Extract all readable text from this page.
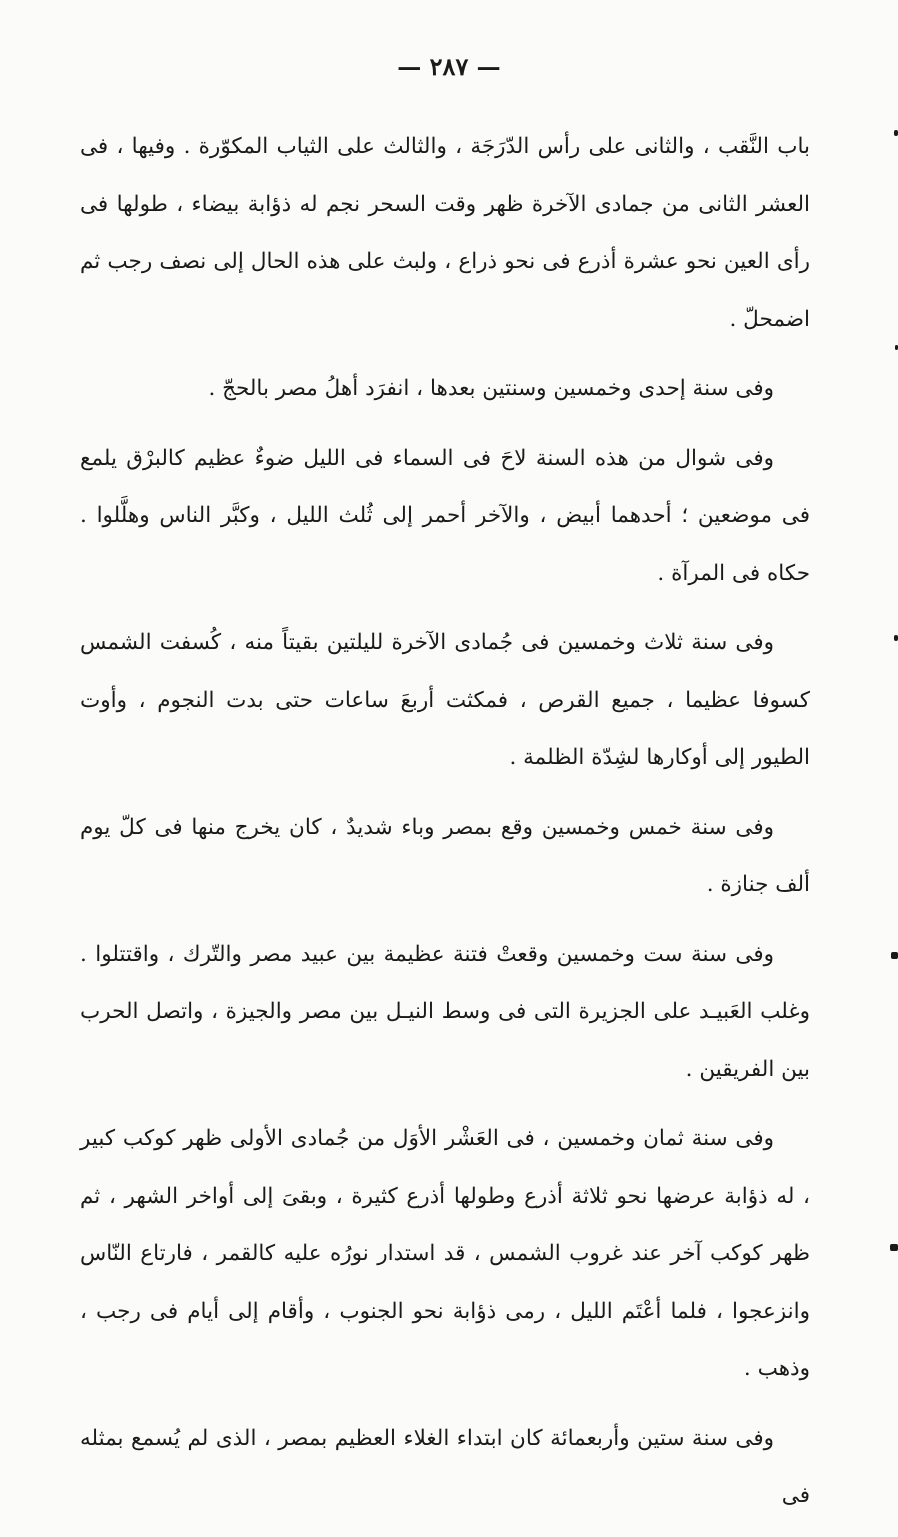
— ٢٨٧ —

باب النَّقب ، والثانى على رأس الدّرَجَة ، والثالث على الثياب المكوّرة . وفيها ، فى العشر الثانى من جمادى الآخرة ظهر وقت السحر نجم له ذؤابة بيضاء ، طولها فى رأى العين نحو عشرة أذرع فى نحو ذراع ، ولبث على هذه الحال إلى نصف رجب ثم اضمحلّ .

وفى سنة إحدى وخمسين وسنتين بعدها ، انفرَد أهلُ مصر بالحجّ .

وفى شوال من هذه السنة لاحَ فى السماء فى الليل ضوءٌ عظيم كالبرْق يلمع فى موضعين ؛ أحدهما أبيض ، والآخر أحمر إلى ثُلث الليل ، وكبَّر الناس وهلَّلوا . حكاه فى المرآة .

وفى سنة ثلاث وخمسين فى جُمادى الآخرة لليلتين بقيتاً منه ، كُسفت الشمس كسوفا عظيما ، جميع القرص ، فمكثت أربعَ ساعات حتى بدت النجوم ، وأوت الطيور إلى أوكارها لشِدّة الظلمة .

وفى سنة خمس وخمسين وقع بمصر وباء شديدٌ ، كان يخرج منها فى كلّ يوم ألف جنازة .

وفى سنة ست وخمسين وقعتْ فتنة عظيمة بين عبيد مصر والتّرك ، واقتتلوا . وغلب العَبيـد على الجزيرة التى فى وسط النيـل بين مصر والجيزة ، واتصل الحرب بين الفريقين .

وفى سنة ثمان وخمسين ، فى العَشْر الأوَل من جُمادى الأولى ظهر كوكب كبير ، له ذؤابة عرضها نحو ثلاثة أذرع وطولها أذرع كثيرة ، وبقىَ إلى أواخر الشهر ، ثم ظهر كوكب آخر عند غروب الشمس ، قد استدار نورُه عليه كالقمر ، فارتاع النّاس وانزعجوا ، فلما أعْتَم الليل ، رمى ذؤابة نحو الجنوب ، وأقام إلى أيام فى رجب ، وذهب .

وفى سنة ستين وأربعمائة كان ابتداء الغلاء العظيم بمصر ، الذى لم يُسمع بمثله فى
